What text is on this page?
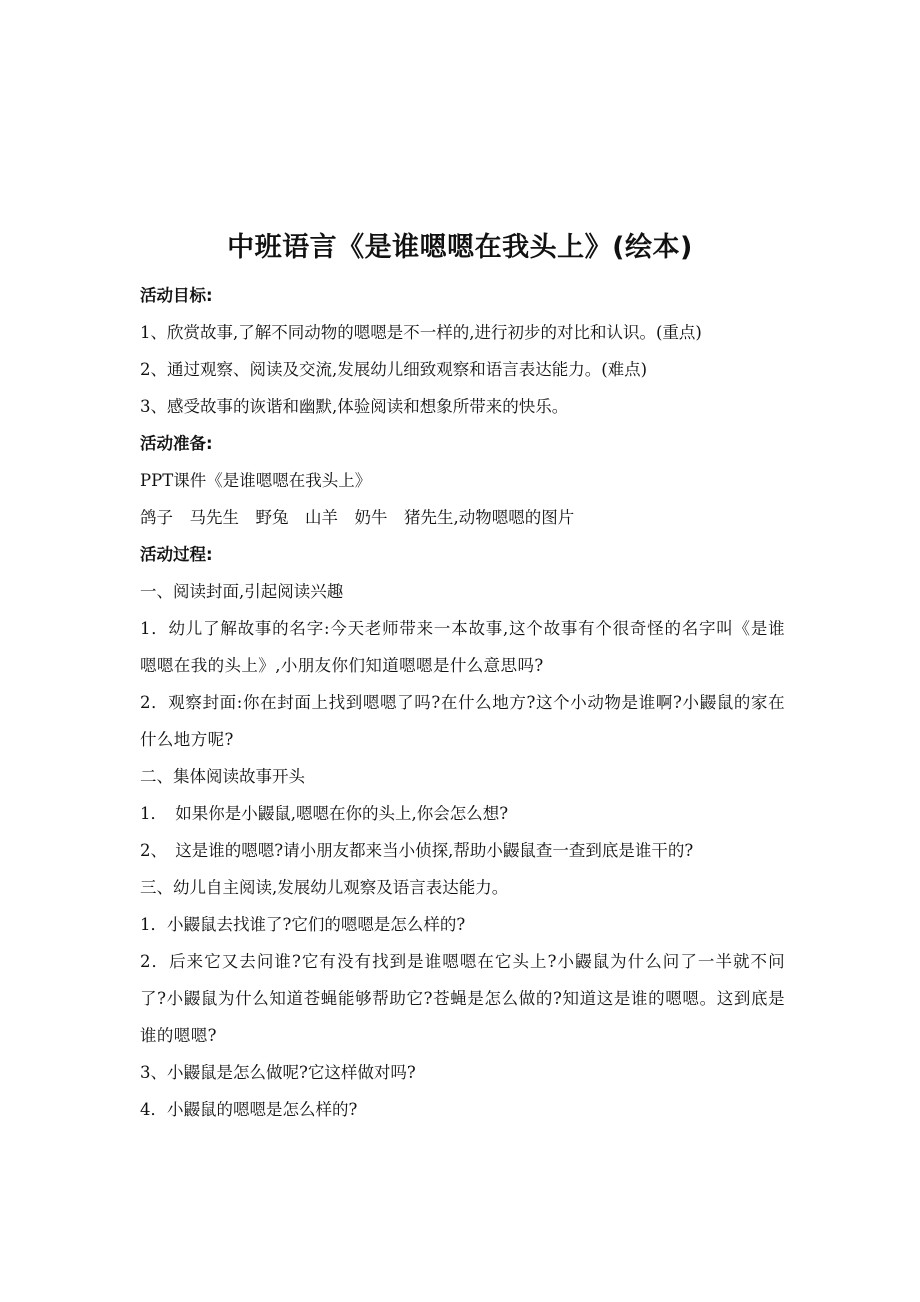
中班语言《是谁嗯嗯在我头上》(绘本)
活动目标:
1、欣赏故事,了解不同动物的嗯嗯是不一样的,进行初步的对比和认识。(重点)
2、通过观察、阅读及交流,发展幼儿细致观察和语言表达能力。(难点)
3、感受故事的诙谐和幽默,体验阅读和想象所带来的快乐。
活动准备:
PPT课件《是谁嗯嗯在我头上》
鸽子　马先生　野兔　山羊　奶牛　猪先生,动物嗯嗯的图片
活动过程:
一、阅读封面,引起阅读兴趣
1．幼儿了解故事的名字:今天老师带来一本故事,这个故事有个很奇怪的名字叫《是谁嗯嗯在我的头上》,小朋友你们知道嗯嗯是什么意思吗?
2．观察封面:你在封面上找到嗯嗯了吗?在什么地方?这个小动物是谁啊?小鼹鼠的家在什么地方呢?
二、集体阅读故事开头
1．　如果你是小鼹鼠,嗯嗯在你的头上,你会怎么想?
2、　这是谁的嗯嗯?请小朋友都来当小侦探,帮助小鼹鼠查一查到底是谁干的?
三、幼儿自主阅读,发展幼儿观察及语言表达能力。
1．小鼹鼠去找谁了?它们的嗯嗯是怎么样的?
2．后来它又去问谁?它有没有找到是谁嗯嗯在它头上?小鼹鼠为什么问了一半就不问了?小鼹鼠为什么知道苍蝇能够帮助它?苍蝇是怎么做的?知道这是谁的嗯嗯。这到底是谁的嗯嗯?
3、小鼹鼠是怎么做呢?它这样做对吗?
4．小鼹鼠的嗯嗯是怎么样的?
